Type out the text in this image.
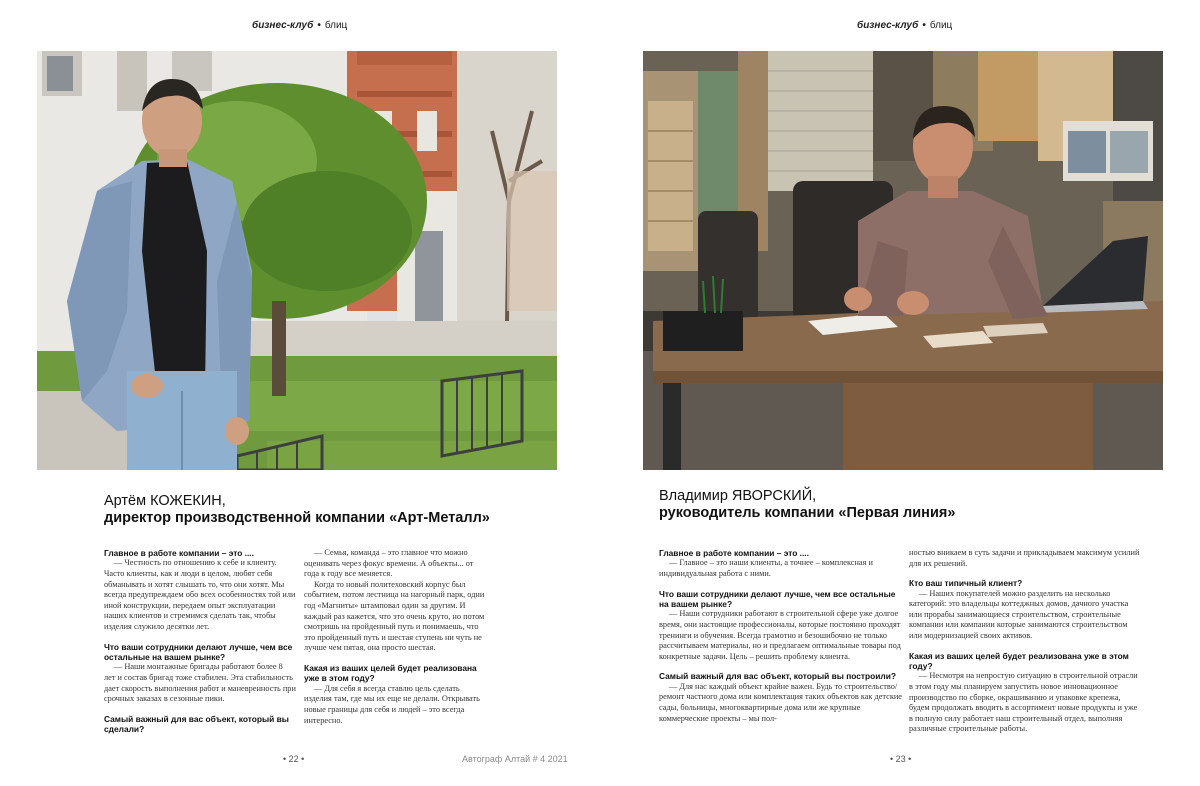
бизнес-клуб • блиц
Артём КОЖЕКИН,
директор производственной компании «Арт-Металл»

Главное в работе компании – это ....

— Честность по отношению к себе и клиенту. Часто клиенты, как и люди в целом, любят себя обманывать и хотят слышать то, что они хотят. Мы всегда предупреждаем обо всех особенностях той или иной конструкции, передаем опыт эксплуатации наших клиентов и стремимся сделать так, чтобы изделия служило десятки лет.

Что ваши сотрудники делают лучше, чем все остальные на вашем рынке?

— Наши монтажные бригады работают более 8 лет и состав бригад тоже стабилен. Эта стабильность дает скорость выполнения работ и маневренность при срочных заказах в сезонные пики.

Самый важный для вас объект, который вы сделали?

— Семья, команда – это главное что можно оценивать через фокус времени. А объекты... от года к году все меняется.

Когда то новый политеховский корпус был событием, потом лестница на нагорный парк, одни год «Магниты» штамповал один за другим. И каждый раз кажется, что это очень круто, но потом смотришь на пройденный путь и понимаешь, что это пройденный путь и шестая ступень ни чуть не лучше чем пятая, она просто шестая.

Какая из ваших целей будет реализована уже в этом году?

— Для себя я всегда ставлю цель сделать изделия там, где мы их еще не делали. Открывать новые границы для себя и людей – это всегда интересно.

• 22 •	Автограф Алтай # 4 2021
бизнес-клуб • блиц
Владимир ЯВОРСКИЙ,
руководитель компании «Первая линия»

Главное в работе компании – это ....

— Главное – это наши клиенты, а точнее – комплексная и индивидуальная работа с ними.

Что ваши сотрудники делают лучше, чем все остальные на вашем рынке?

— Наши сотрудники работают в строительной сфере уже долгое время, они настоящие профессионалы, которые постоянно проходят тренинги и обучения. Всегда грамотно и безошибочно не только рассчитываем материалы, но и предлагаем оптимальные товары под конкретные задачи. Цель – решить проблему клиента.

Самый важный для вас объект, который вы построили?

— Для нас каждый объект крайне важен. Будь то строительство/ремонт частного дома или комплектация таких объектов как детские сады, больницы, многоквартирные дома или же крупные коммерческие проекты – мы пол-

ностью вникаем в суть задачи и прикладываем максимум усилий для их решений.

Кто ваш типичный клиент?

— Наших покупателей можно разделить на несколько категорий: это владельцы коттеджных домов, дачного участка или прорабы занимающиеся строительством, строительные компании или компании которые занимаются строительством или модернизацией своих активов.

Какая из ваших целей будет реализована уже в этом году?

— Несмотря на непростую ситуацию в строительной отрасли в этом году мы планируем запустить новое инновационное производство по сборке, окрашиванию и упаковке крепежа, будем продолжать вводить в ассортимент новые продукты и уже в полную силу работает наш строительный отдел, выполняя различные строительные работы.

• 23 •
